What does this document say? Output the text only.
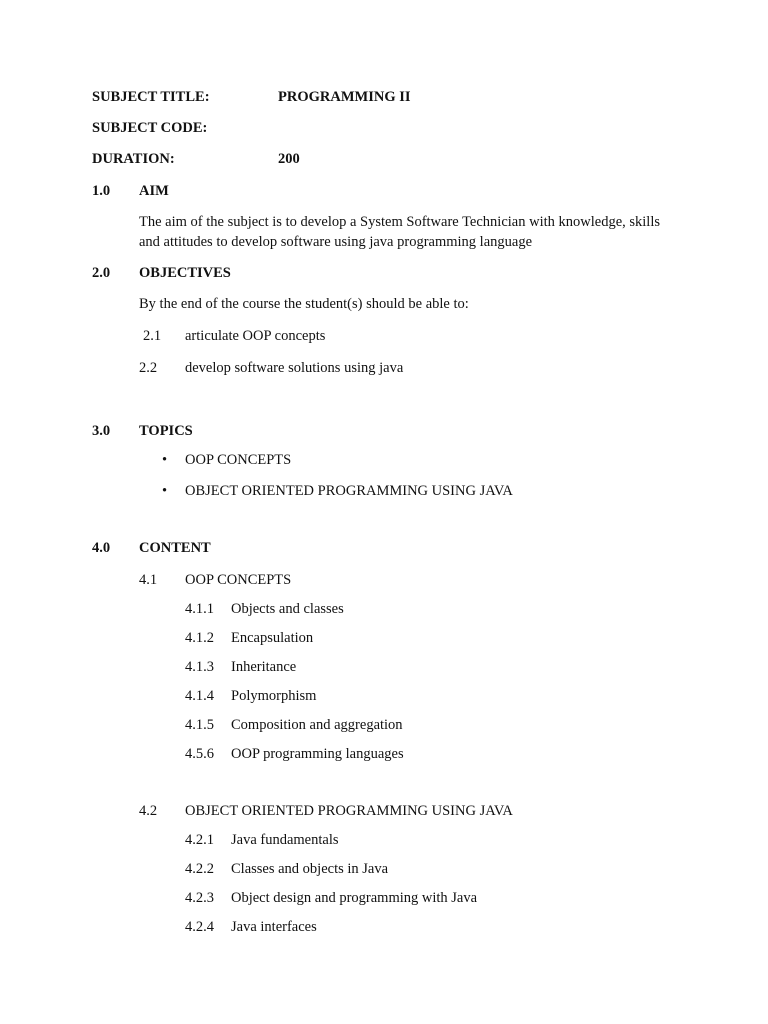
SUBJECT TITLE:	PROGRAMMING II
SUBJECT CODE:
DURATION:	200
1.0 AIM
The aim of the subject is to develop a System Software Technician with knowledge, skills and attitudes to develop software using java programming language
2.0 OBJECTIVES
By the end of the course the student(s) should be able to:
2.1 articulate OOP concepts
2.2 develop software solutions using java
3.0 TOPICS
• OOP CONCEPTS
• OBJECT ORIENTED PROGRAMMING USING JAVA
4.0 CONTENT
4.1 OOP CONCEPTS
4.1.1 Objects and classes
4.1.2 Encapsulation
4.1.3 Inheritance
4.1.4 Polymorphism
4.1.5 Composition and aggregation
4.5.6 OOP programming languages
4.2 OBJECT ORIENTED PROGRAMMING USING JAVA
4.2.1 Java fundamentals
4.2.2 Classes and objects in Java
4.2.3 Object design and programming with Java
4.2.4 Java interfaces
